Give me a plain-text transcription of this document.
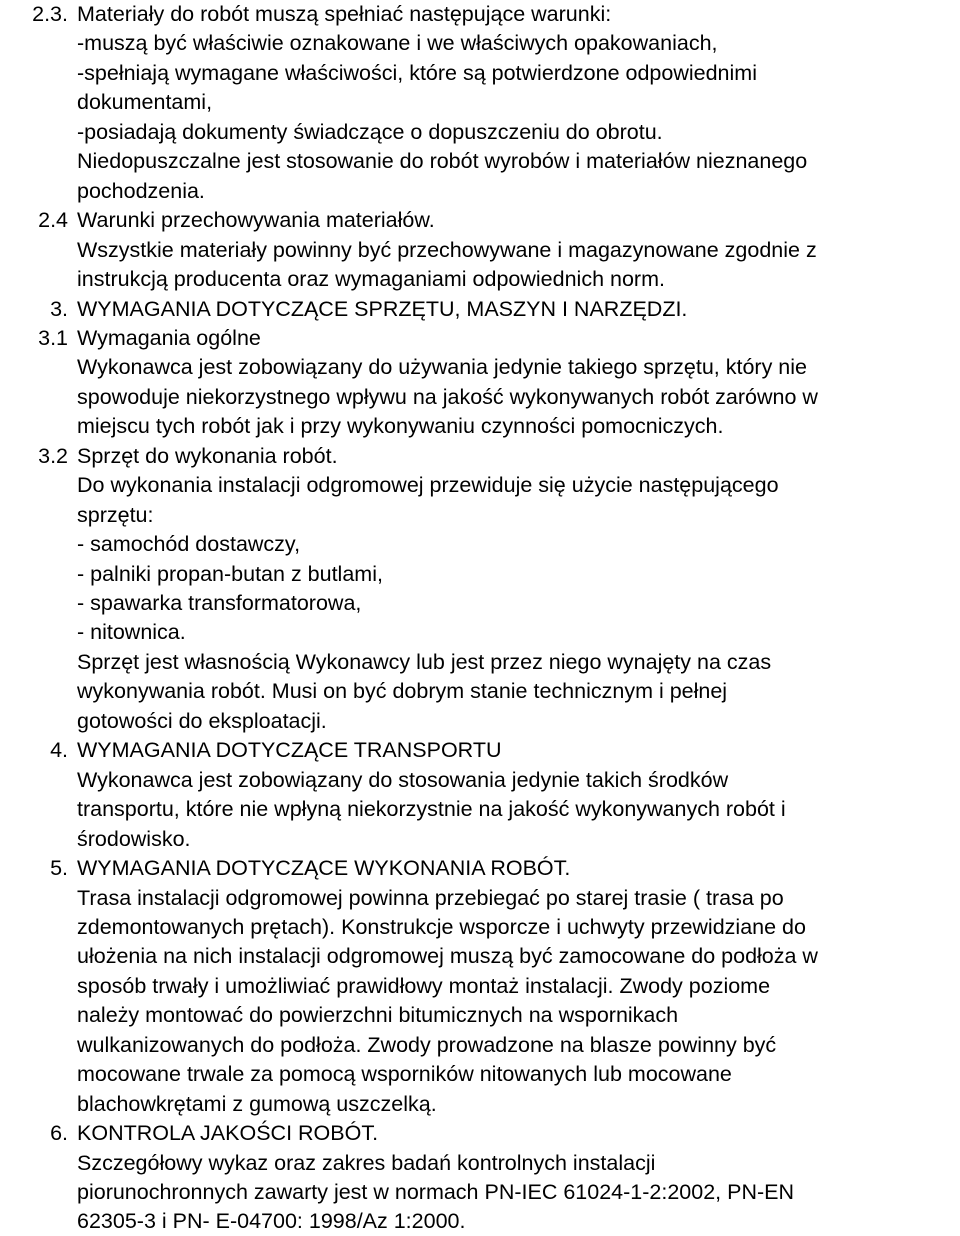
2.3. Materiały do robót muszą spełniać następujące warunki:
-muszą być właściwie oznakowane i we właściwych opakowaniach,
-spełniają wymagane właściwości, które są potwierdzone odpowiednimi
dokumentami,
-posiadają dokumenty świadczące o dopuszczeniu do obrotu.
Niedopuszczalne jest stosowanie do robót wyrobów i materiałów nieznanego
pochodzenia.
2.4 Warunki przechowywania materiałów.
Wszystkie materiały powinny być przechowywane i magazynowane zgodnie z
instrukcją producenta oraz wymaganiami odpowiednich norm.
3. WYMAGANIA DOTYCZĄCE SPRZĘTU, MASZYN I NARZĘDZI.
3.1 Wymagania ogólne
Wykonawca jest zobowiązany do używania jedynie takiego sprzętu, który nie
spowoduje niekorzystnego wpływu na jakość wykonywanych robót zarówno w
miejscu tych robót jak i przy wykonywaniu czynności pomocniczych.
3.2 Sprzęt do wykonania robót.
Do wykonania instalacji odgromowej przewiduje się użycie następującego
sprzętu:
- samochód dostawczy,
- palniki propan-butan z butlami,
- spawarka transformatorowa,
- nitownica.
Sprzęt jest własnością Wykonawcy lub jest przez niego wynajęty na czas
wykonywania robót. Musi on być dobrym stanie technicznym i pełnej
gotowości do eksploatacji.
4. WYMAGANIA DOTYCZĄCE TRANSPORTU
Wykonawca jest zobowiązany do stosowania jedynie takich środków
transportu, które nie wpłyną niekorzystnie na jakość wykonywanych robót i
środowisko.
5. WYMAGANIA DOTYCZĄCE WYKONANIA ROBÓT.
Trasa instalacji odgromowej powinna przebiegać po starej trasie ( trasa po
zdemontowanych prętach). Konstrukcje wsporcze i uchwyty przewidziane do
ułożenia na nich instalacji odgromowej muszą być zamocowane do podłoża w
sposób trwały i umożliwiać prawidłowy montaż instalacji. Zwody poziome
należy montować do powierzchni bitumicznych na wspornikach
wulkanizowanych do podłoża. Zwody prowadzone na blasze powinny być
mocowane trwale za pomocą wsporników nitowanych lub mocowane
blachowkrętami z gumową uszczelką.
6. KONTROLA JAKOŚCI ROBÓT.
Szczegółowy wykaz oraz zakres badań kontrolnych instalacji
piorunochronnych zawarty jest w normach PN-IEC 61024-1-2:2002, PN-EN
62305-3 i PN- E-04700: 1998/Az 1:2000.
